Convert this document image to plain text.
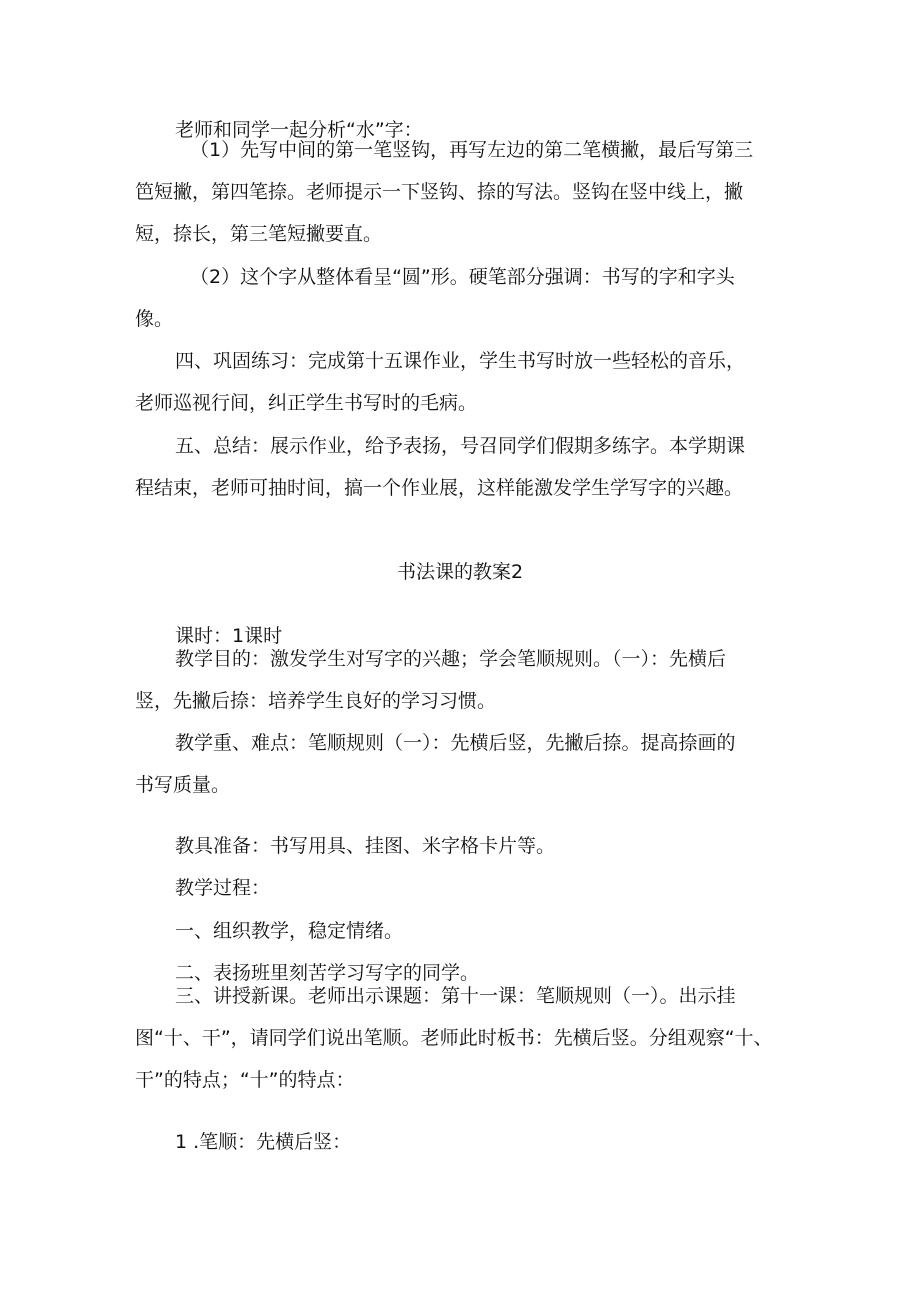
老师和同学一起分析“水”字：

（1）先写中间的第一笔竖钩，再写左边的第二笔横撇，最后写第三

笆短撇，第四笔捺。老师提示一下竖钩、捺的写法。竖钩在竖中线上，撇

短，捺长，第三笔短撇要直。

（2）这个字从整体看呈“圆”形。硬笔部分强调：书写的字和字头

像。

四、巩固练习：完成第十五课作业，学生书写时放一些轻松的音乐，

老师巡视行间，纠正学生书写时的毛病。

五、总结：展示作业，给予表扬，号召同学们假期多练字。本学期课

程结束，老师可抽时间，搞一个作业展，这样能激发学生学写字的兴趣。

书法课的教案2

课时：1课时

教学目的：激发学生对写字的兴趣；学会笔顺规则。（一）：先横后

竖，先撇后捺：培养学生良好的学习习惯。

教学重、难点：笔顺规则（一）：先横后竖，先撇后捺。提高捺画的

书写质量。

教具准备：书写用具、挂图、米字格卡片等。

教学过程：

一、组织教学，稳定情绪。

二、表扬班里刻苦学习写字的同学。

三、讲授新课。老师出示课题：第十一课：笔顺规则（一）。出示挂

图“十、干”，请同学们说出笔顺。老师此时板书：先横后竖。分组观察“十、

干”的特点；“十”的特点：

1 .笔顺：先横后竖：
